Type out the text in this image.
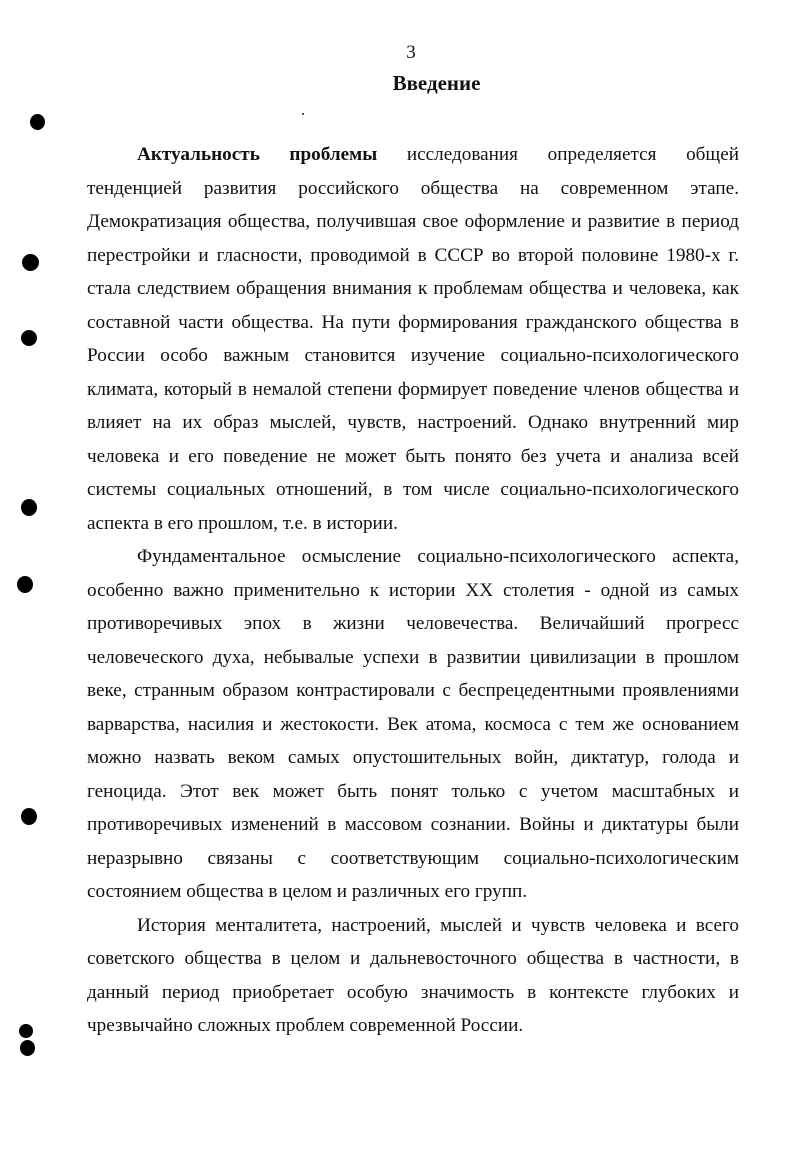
3
Введение

Актуальность проблемы исследования определяется общей тенденцией развития российского общества на современном этапе. Демократизация общества, получившая свое оформление и развитие в период перестройки и гласности, проводимой в СССР во второй половине 1980-х г. стала следствием обращения внимания к проблемам общества и человека, как составной части общества. На пути формирования гражданского общества в России особо важным становится изучение социально-психологического климата, который в немалой степени формирует поведение членов общества и влияет на их образ мыслей, чувств, настроений. Однако внутренний мир человека и его поведение не может быть понято без учета и анализа всей системы социальных отношений, в том числе социально-психологического аспекта в его прошлом, т.е. в истории.

Фундаментальное осмысление социально-психологического аспекта, особенно важно применительно к истории XX столетия - одной из самых противоречивых эпох в жизни человечества. Величайший прогресс человеческого духа, небывалые успехи в развитии цивилизации в прошлом веке, странным образом контрастировали с беспрецедентными проявлениями варварства, насилия и жестокости. Век атома, космоса с тем же основанием можно назвать веком самых опустошительных войн, диктатур, голода и геноцида. Этот век может быть понят только с учетом масштабных и противоречивых изменений в массовом сознании. Войны и диктатуры были неразрывно связаны с соответствующим социально-психологическим состоянием общества в целом и различных его групп.

История менталитета, настроений, мыслей и чувств человека и всего советского общества в целом и дальневосточного общества в частности, в данный период приобретает особую значимость в контексте глубоких и чрезвычайно сложных проблем современной России.
